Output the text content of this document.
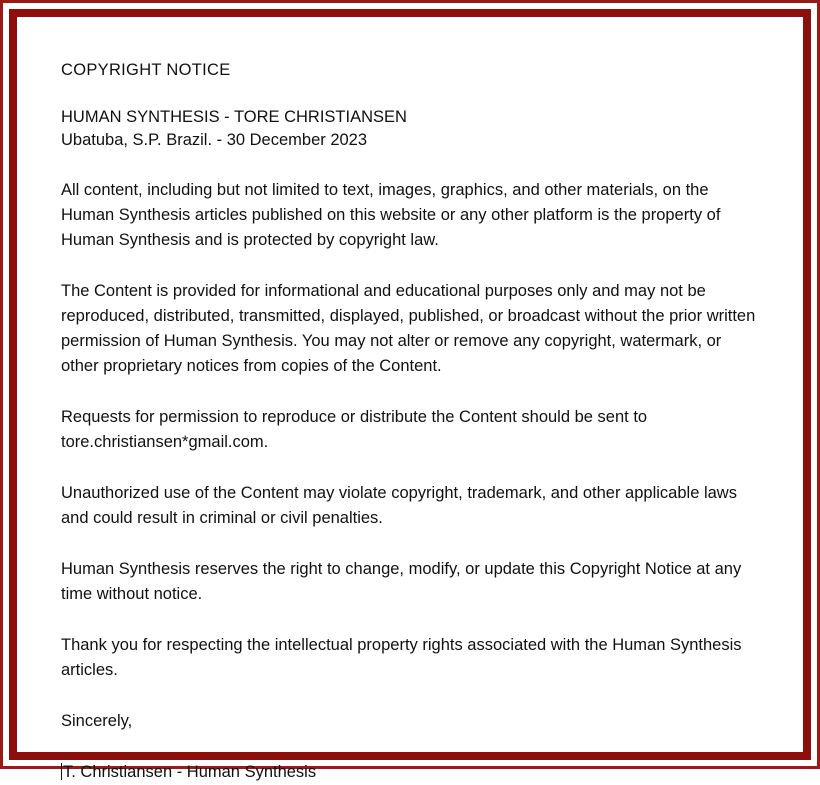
COPYRIGHT NOTICE
HUMAN SYNTHESIS - TORE CHRISTIANSEN
Ubatuba, S.P. Brazil. - 30 December 2023

All content, including but not limited to text, images, graphics, and other materials, on the Human Synthesis articles published on this website or any other platform is the property of Human Synthesis and is protected by copyright law.

The Content is provided for informational and educational purposes only and may not be reproduced, distributed, transmitted, displayed, published, or broadcast without the prior written permission of Human Synthesis. You may not alter or remove any copyright, watermark, or other proprietary notices from copies of the Content.

Requests for permission to reproduce or distribute the Content should be sent to tore.christiansen*gmail.com.

Unauthorized use of the Content may violate copyright, trademark, and other applicable laws and could result in criminal or civil penalties.

Human Synthesis reserves the right to change, modify, or update this Copyright Notice at any time without notice.

Thank you for respecting the intellectual property rights associated with the Human Synthesis articles.

Sincerely,

T. Christiansen - Human Synthesis
